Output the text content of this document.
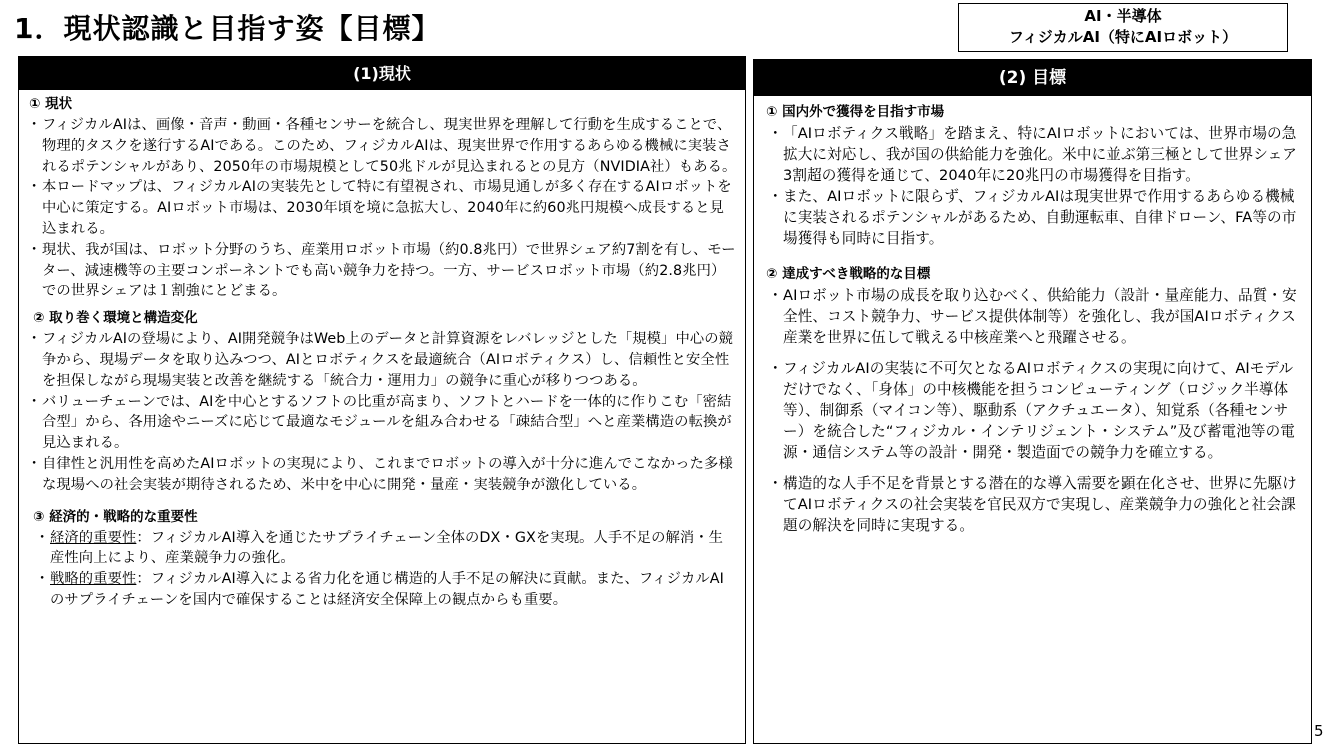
1．現状認識と目指す姿【目標】	AI・半導体
フィジカルAI（特にAIロボット）
(1)現状
① 現状
・ フィジカルAIは、画像・音声・動画・各種センサーを統合し、現実世界を理解して行動を生成することで、物理的タスクを遂行するAIである。このため、フィジカルAIは、現実世界で作用するあらゆる機械に実装されるポテンシャルがあり、2050年の市場規模として50兆ドルが見込まれるとの見方（NVIDIA社）もある。
・ 本ロードマップは、フィジカルAIの実装先として特に有望視され、市場見通しが多く存在するAIロボットを中心に策定する。AIロボット市場は、2030年頃を境に急拡大し、2040年に約60兆円規模へ成長すると見込まれる。
・ 現状、我が国は、ロボット分野のうち、産業用ロボット市場（約0.8兆円）で世界シェア約7割を有し、モーター、減速機等の主要コンポーネントでも高い競争力を持つ。一方、サービスロボット市場（約2.8兆円）での世界シェアは１割強にとどまる。
② 取り巻く環境と構造変化
・ フィジカルAIの登場により、AI開発競争はWeb上のデータと計算資源をレバレッジとした「規模」中心の競争から、現場データを取り込みつつ、AIとロボティクスを最適統合（AIロボティクス）し、信頼性と安全性を担保しながら現場実装と改善を継続する「統合力・運用力」の競争に重心が移りつつある。
・ バリューチェーンでは、AIを中心とするソフトの比重が高まり、ソフトとハードを一体的に作りこむ「密結合型」から、各用途やニーズに応じて最適なモジュールを組み合わせる「疎結合型」へと産業構造の転換が見込まれる。
・ 自律性と汎用性を高めたAIロボットの実現により、これまでロボットの導入が十分に進んでこなかった多様な現場への社会実装が期待されるため、米中を中心に開発・量産・実装競争が激化している。
③ 経済的・戦略的な重要性
・ 経済的重要性：フィジカルAI導入を通じたサプライチェーン全体のDX・GXを実現。人手不足の解消・生産性向上により、産業競争力の強化。
・ 戦略的重要性：フィジカルAI導入による省力化を通じ構造的人手不足の解決に貢献。また、フィジカルAIのサプライチェーンを国内で確保することは経済安全保障上の観点からも重要。
(2) 目標
① 国内外で獲得を目指す市場
・ 「AIロボティクス戦略」を踏まえ、特にAIロボットにおいては、世界市場の急拡大に対応し、我が国の供給能力を強化。米中に並ぶ第三極として世界シェア3割超の獲得を通じて、2040年に20兆円の市場獲得を目指す。
・ また、AIロボットに限らず、フィジカルAIは現実世界で作用するあらゆる機械に実装されるポテンシャルがあるため、自動運転車、自律ドローン、FA等の市場獲得も同時に目指す。
② 達成すべき戦略的な目標
・ AIロボット市場の成長を取り込むべく、供給能力（設計・量産能力、品質・安全性、コスト競争力、サービス提供体制等）を強化し、我が国AIロボティクス産業を世界に伍して戦える中核産業へと飛躍させる。
・ フィジカルAIの実装に不可欠となるAIロボティクスの実現に向けて、AIモデルだけでなく、「身体」の中核機能を担うコンピューティング（ロジック半導体等）、制御系（マイコン等）、駆動系（アクチュエータ）、知覚系（各種センサー）を統合した“フィジカル・インテリジェント・システム”及び蓄電池等の電源・通信システム等の設計・開発・製造面での競争力を確立する。
・ 構造的な人手不足を背景とする潜在的な導入需要を顕在化させ、世界に先駆けてAIロボティクスの社会実装を官民双方で実現し、産業競争力の強化と社会課題の解決を同時に実現する。
5
